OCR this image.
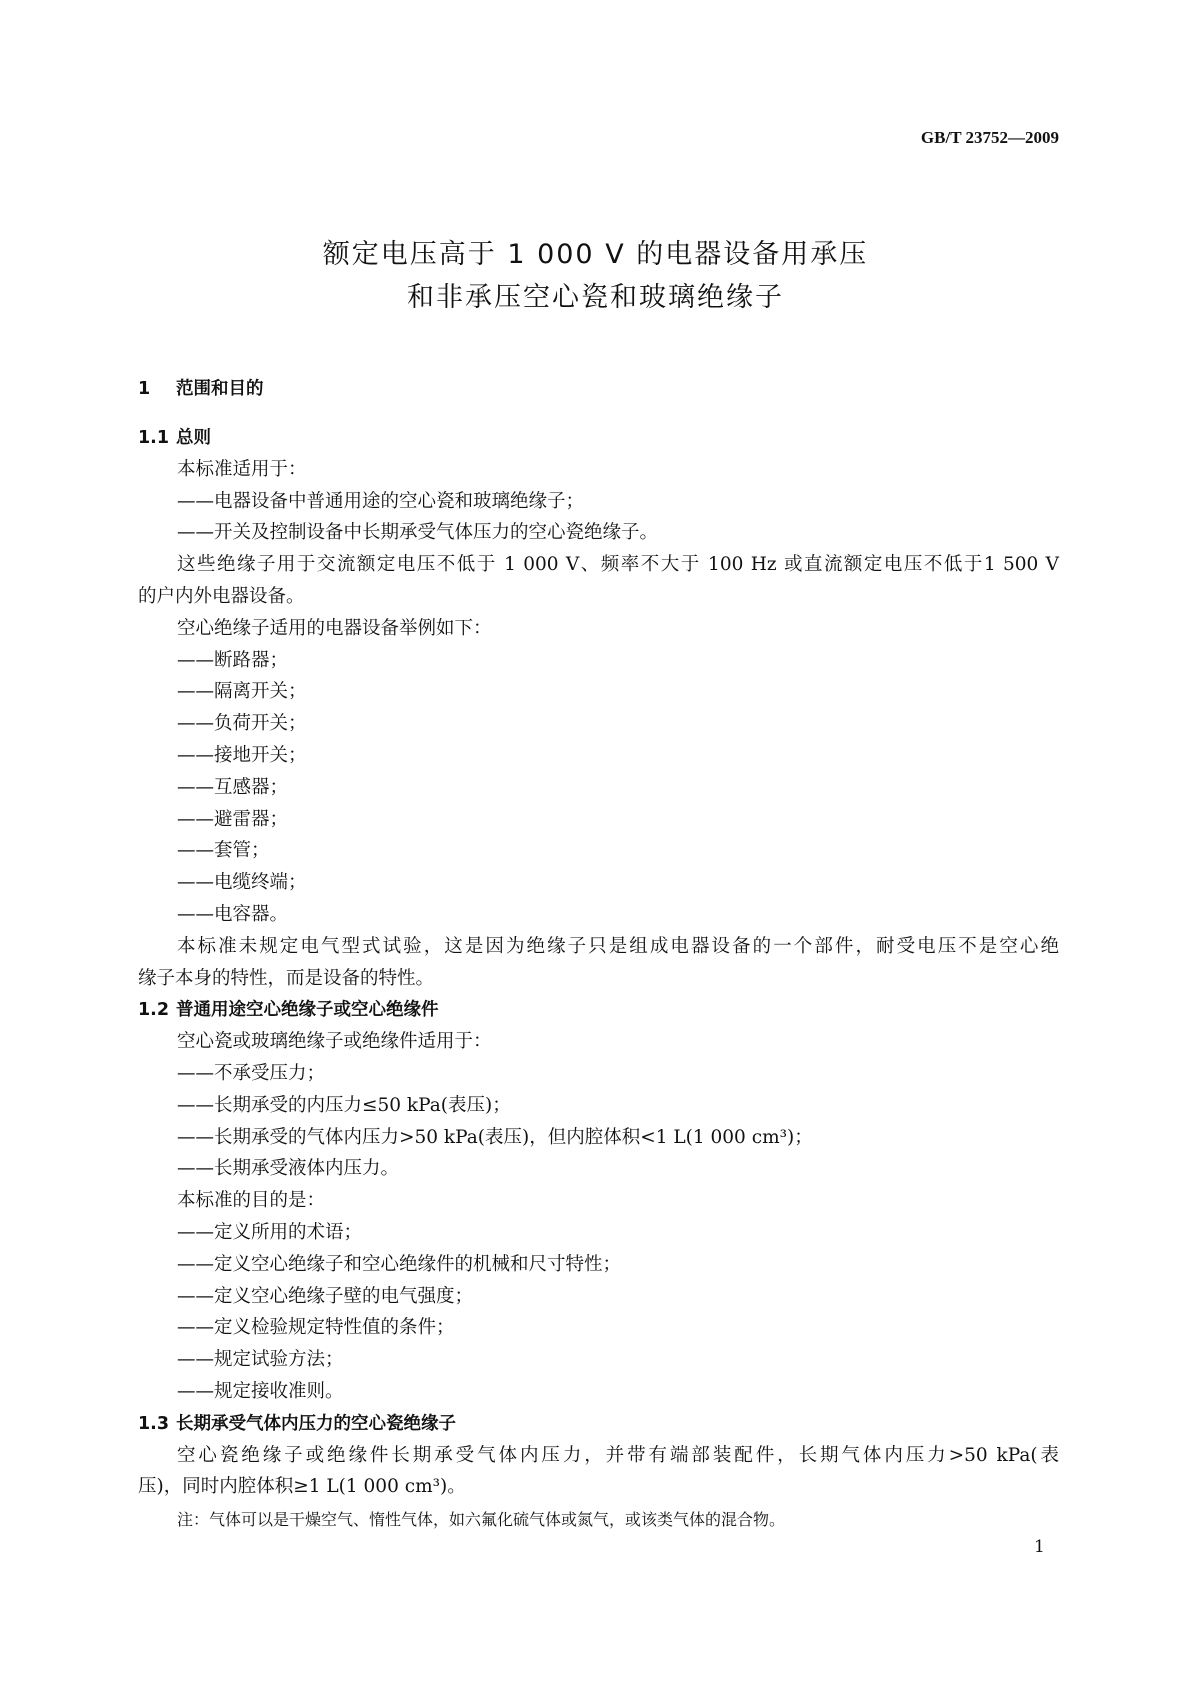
GB/T 23752—2009
额定电压高于 1 000 V 的电器设备用承压
和非承压空心瓷和玻璃绝缘子
1 范围和目的
1.1 总则
本标准适用于：
——电器设备中普通用途的空心瓷和玻璃绝缘子；
——开关及控制设备中长期承受气体压力的空心瓷绝缘子。
这些绝缘子用于交流额定电压不低于 1 000 V、频率不大于 100 Hz 或直流额定电压不低于1 500 V
的户内外电器设备。
空心绝缘子适用的电器设备举例如下：
——断路器；
——隔离开关；
——负荷开关；
——接地开关；
——互感器；
——避雷器；
——套管；
——电缆终端；
——电容器。
本标准未规定电气型式试验，这是因为绝缘子只是组成电器设备的一个部件，耐受电压不是空心绝
缘子本身的特性，而是设备的特性。
1.2 普通用途空心绝缘子或空心绝缘件
空心瓷或玻璃绝缘子或绝缘件适用于：
——不承受压力；
——长期承受的内压力≤50 kPa(表压)；
——长期承受的气体内压力>50 kPa(表压)，但内腔体积<1 L(1 000 cm³)；
——长期承受液体内压力。
本标准的目的是：
——定义所用的术语；
——定义空心绝缘子和空心绝缘件的机械和尺寸特性；
——定义空心绝缘子壁的电气强度；
——定义检验规定特性值的条件；
——规定试验方法；
——规定接收准则。
1.3 长期承受气体内压力的空心瓷绝缘子
空心瓷绝缘子或绝缘件长期承受气体内压力，并带有端部装配件，长期气体内压力>50 kPa(表
压)，同时内腔体积≥1 L(1 000 cm³)。
注：气体可以是干燥空气、惰性气体，如六氟化硫气体或氮气，或该类气体的混合物。
1
